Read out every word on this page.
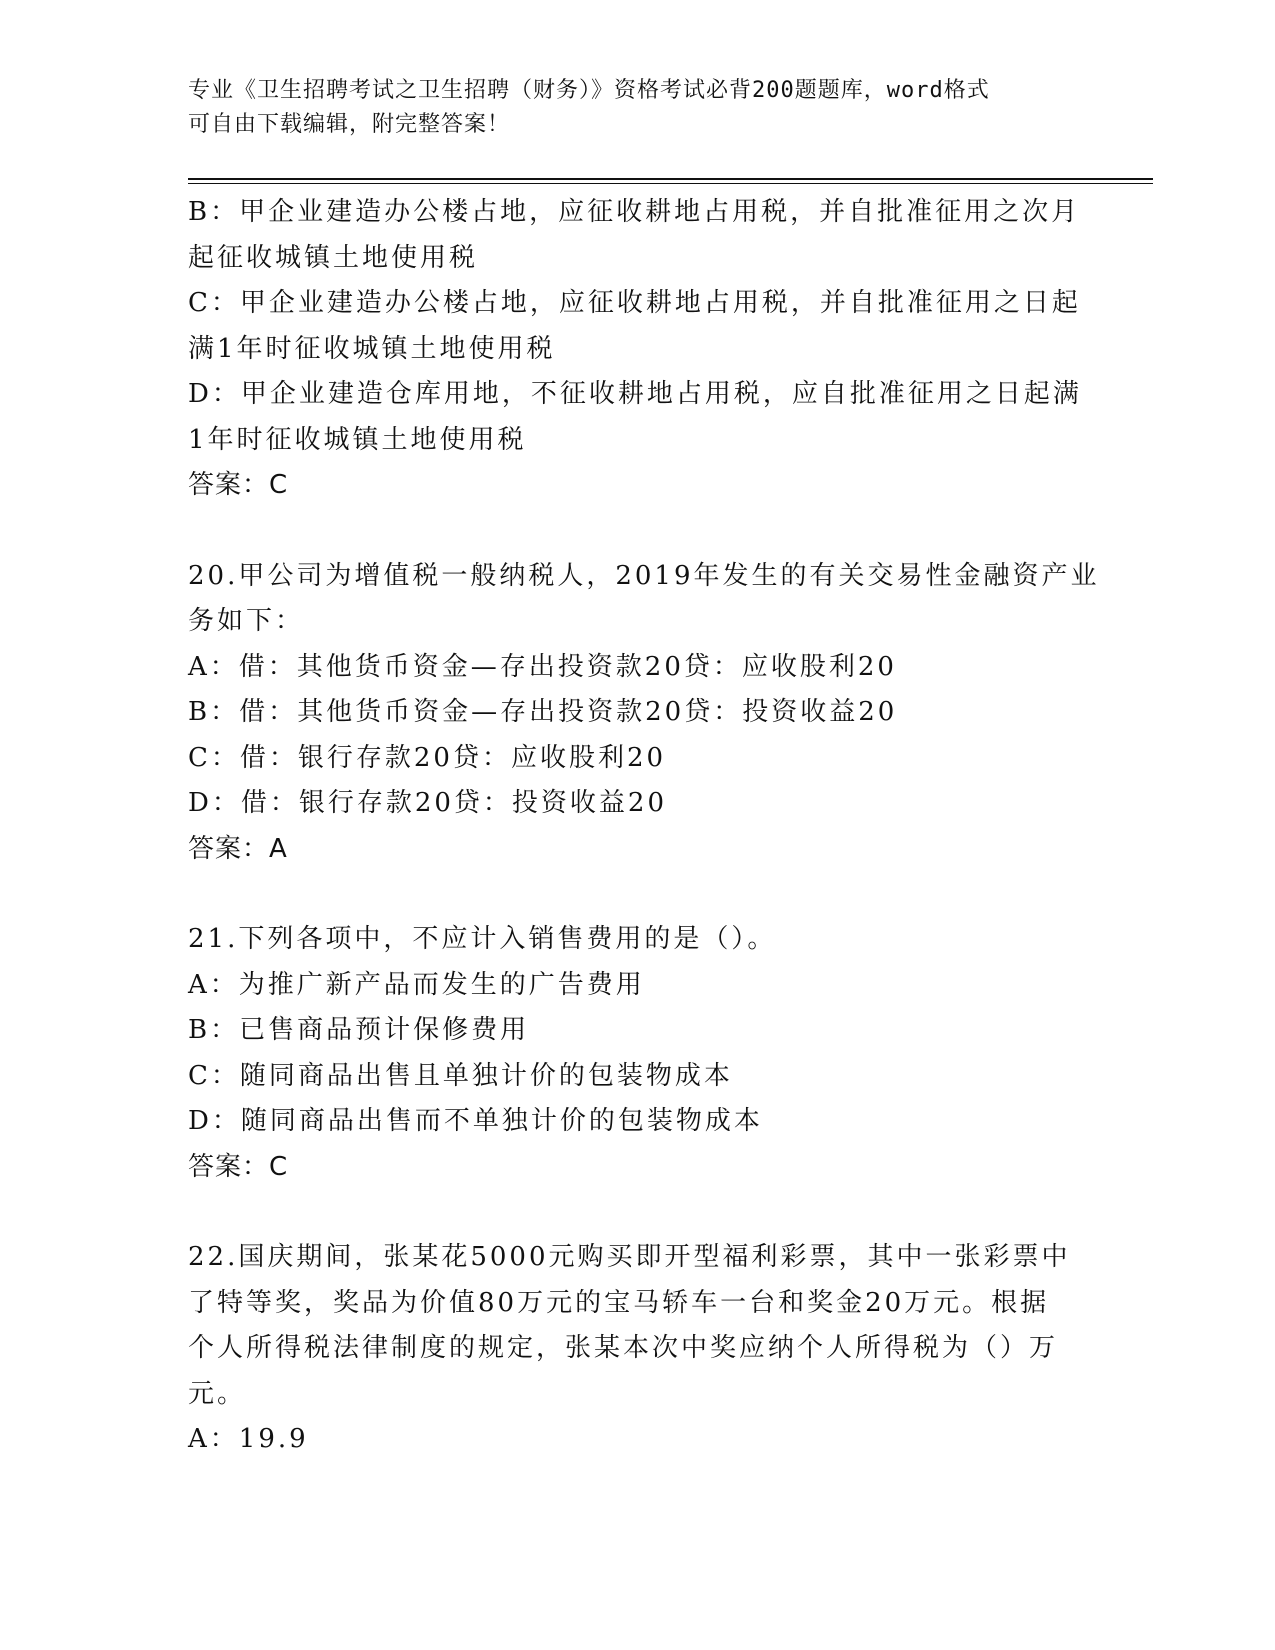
专业《卫生招聘考试之卫生招聘（财务）》资格考试必背200题题库，word格式
可自由下载编辑，附完整答案！

B：甲企业建造办公楼占地，应征收耕地占用税，并自批准征用之次月

起征收城镇土地使用税

C：甲企业建造办公楼占地，应征收耕地占用税，并自批准征用之日起

满1年时征收城镇土地使用税

D：甲企业建造仓库用地，不征收耕地占用税，应自批准征用之日起满

1年时征收城镇土地使用税

答案：C

20.甲公司为增值税一般纳税人，2019年发生的有关交易性金融资产业

务如下：

A：借：其他货币资金—存出投资款20贷：应收股利20

B：借：其他货币资金—存出投资款20贷：投资收益20

C：借：银行存款20贷：应收股利20

D：借：银行存款20贷：投资收益20

答案：A

21.下列各项中，不应计入销售费用的是（）。

A：为推广新产品而发生的广告费用

B：已售商品预计保修费用

C：随同商品出售且单独计价的包装物成本

D：随同商品出售而不单独计价的包装物成本

答案：C

22.国庆期间，张某花5000元购买即开型福利彩票，其中一张彩票中

了特等奖，奖品为价值80万元的宝马轿车一台和奖金20万元。根据

个人所得税法律制度的规定，张某本次中奖应纳个人所得税为（）万

元。

A：19.9
